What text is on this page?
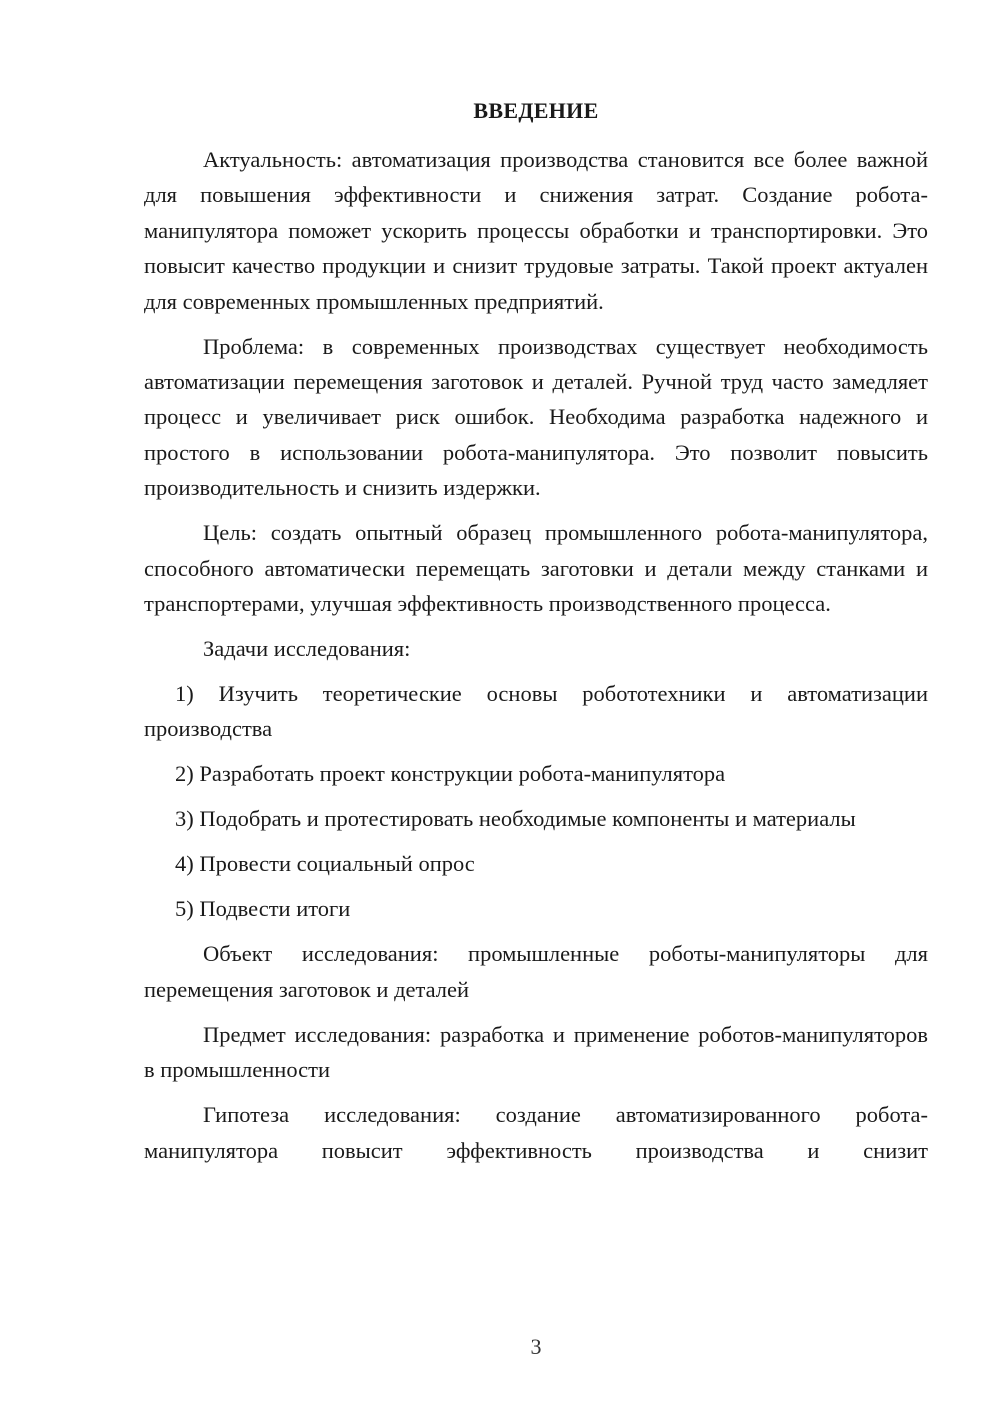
ВВЕДЕНИЕ

Актуальность: автоматизация производства становится все более важной для повышения эффективности и снижения затрат. Создание робота-манипулятора поможет ускорить процессы обработки и транспортировки. Это повысит качество продукции и снизит трудовые затраты. Такой проект актуален для современных промышленных предприятий.

Проблема: в современных производствах существует необходимость автоматизации перемещения заготовок и деталей. Ручной труд часто замедляет процесс и увеличивает риск ошибок. Необходима разработка надежного и простого в использовании робота-манипулятора. Это позволит повысить производительность и снизить издержки.

Цель: создать опытный образец промышленного робота-манипулятора, способного автоматически перемещать заготовки и детали между станками и транспортерами, улучшая эффективность производственного процесса.

Задачи исследования:

1) Изучить теоретические основы робототехники и автоматизации производства

2) Разработать проект конструкции робота-манипулятора

3) Подобрать и протестировать необходимые компоненты и материалы

4) Провести социальный опрос

5) Подвести итоги

Объект исследования: промышленные роботы-манипуляторы для перемещения заготовок и деталей

Предмет исследования: разработка и применение роботов-манипуляторов в промышленности

Гипотеза исследования: создание автоматизированного робота-манипулятора повысит эффективность производства и снизит

3
